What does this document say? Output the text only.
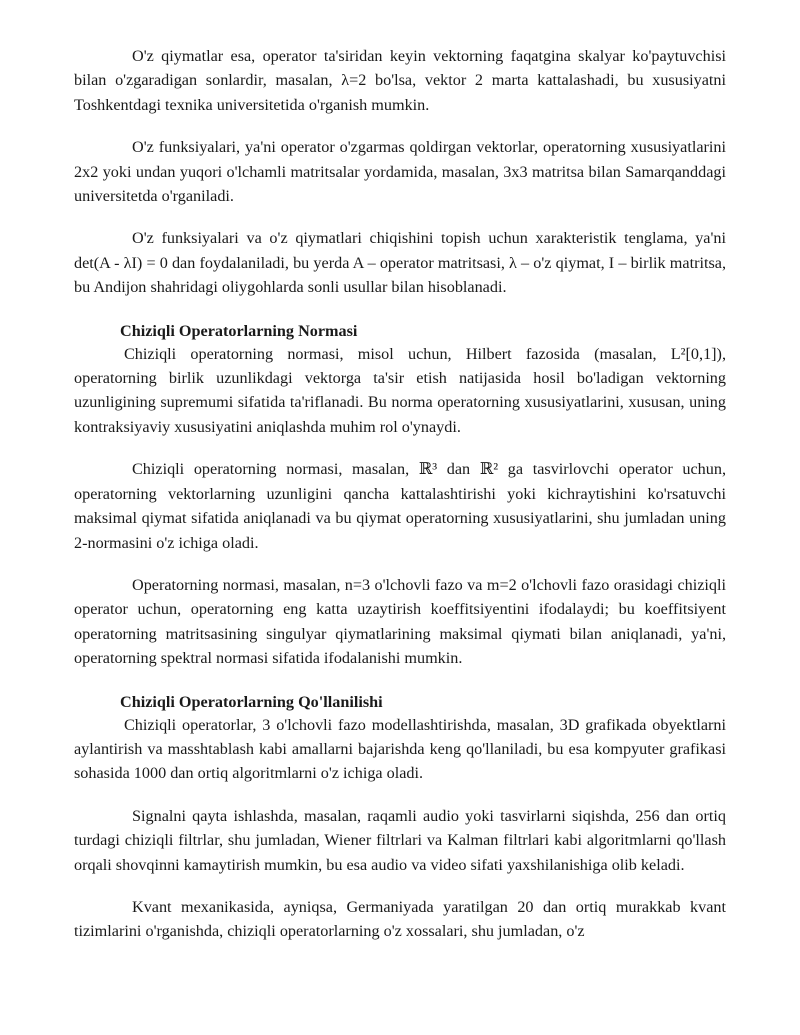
O'z qiymatlar esa, operator ta'siridan keyin vektorning faqatgina skalyar ko'paytuvchisi bilan o'zgaradigan sonlardir, masalan, λ=2 bo'lsa, vektor 2 marta kattalashadi, bu xususiyatni Toshkentdagi texnika universitetida o'rganish mumkin.

O'z funksiyalari, ya'ni operator o'zgarmas qoldirgan vektorlar, operatorning xususiyatlarini 2x2 yoki undan yuqori o'lchamli matritsalar yordamida, masalan, 3x3 matritsa bilan Samarqanddagi universitetda o'rganiladi.

O'z funksiyalari va o'z qiymatlari chiqishini topish uchun xarakteristik tenglama, ya'ni det(A - λI) = 0 dan foydalaniladi, bu yerda A – operator matritsasi, λ – o'z qiymat, I – birlik matritsa, bu Andijon shahridagi oliygohlarda sonli usullar bilan hisoblanadi.

Chiziqli Operatorlarning Normasi

Chiziqli operatorning normasi, misol uchun, Hilbert fazosida (masalan, L²[0,1]), operatorning birlik uzunlikdagi vektorga ta'sir etish natijasida hosil bo'ladigan vektorning uzunligining supremumi sifatida ta'riflanadi. Bu norma operatorning xususiyatlarini, xususan, uning kontraksiyaviy xususiyatini aniqlashda muhim rol o'ynaydi.

Chiziqli operatorning normasi, masalan, ℝ³ dan ℝ² ga tasvirlovchi operator uchun, operatorning vektorlarning uzunligini qancha kattalashtirishi yoki kichraytishini ko'rsatuvchi maksimal qiymat sifatida aniqlanadi va bu qiymat operatorning xususiyatlarini, shu jumladan uning 2-normasini o'z ichiga oladi.

Operatorning normasi, masalan, n=3 o'lchovli fazo va m=2 o'lchovli fazo orasidagi chiziqli operator uchun, operatorning eng katta uzaytirish koeffitsiyentini ifodalaydi; bu koeffitsiyent operatorning matritsasining singulyar qiymatlarining maksimal qiymati bilan aniqlanadi, ya'ni, operatorning spektral normasi sifatida ifodalanishi mumkin.

Chiziqli Operatorlarning Qo'llanilishi

Chiziqli operatorlar, 3 o'lchovli fazo modellashtirishda, masalan, 3D grafikada obyektlarni aylantirish va masshtablash kabi amallarni bajarishda keng qo'llaniladi, bu esa kompyuter grafikasi sohasida 1000 dan ortiq algoritmlarni o'z ichiga oladi.

Signalni qayta ishlashda, masalan, raqamli audio yoki tasvirlarni siqishda, 256 dan ortiq turdagi chiziqli filtrlar, shu jumladan, Wiener filtrlari va Kalman filtrlari kabi algoritmlarni qo'llash orqali shovqinni kamaytirish mumkin, bu esa audio va video sifati yaxshilanishiga olib keladi.

Kvant mexanikasida, ayniqsa, Germaniyada yaratilgan 20 dan ortiq murakkab kvant tizimlarini o'rganishda, chiziqli operatorlarning o'z xossalari, shu jumladan, o'z
